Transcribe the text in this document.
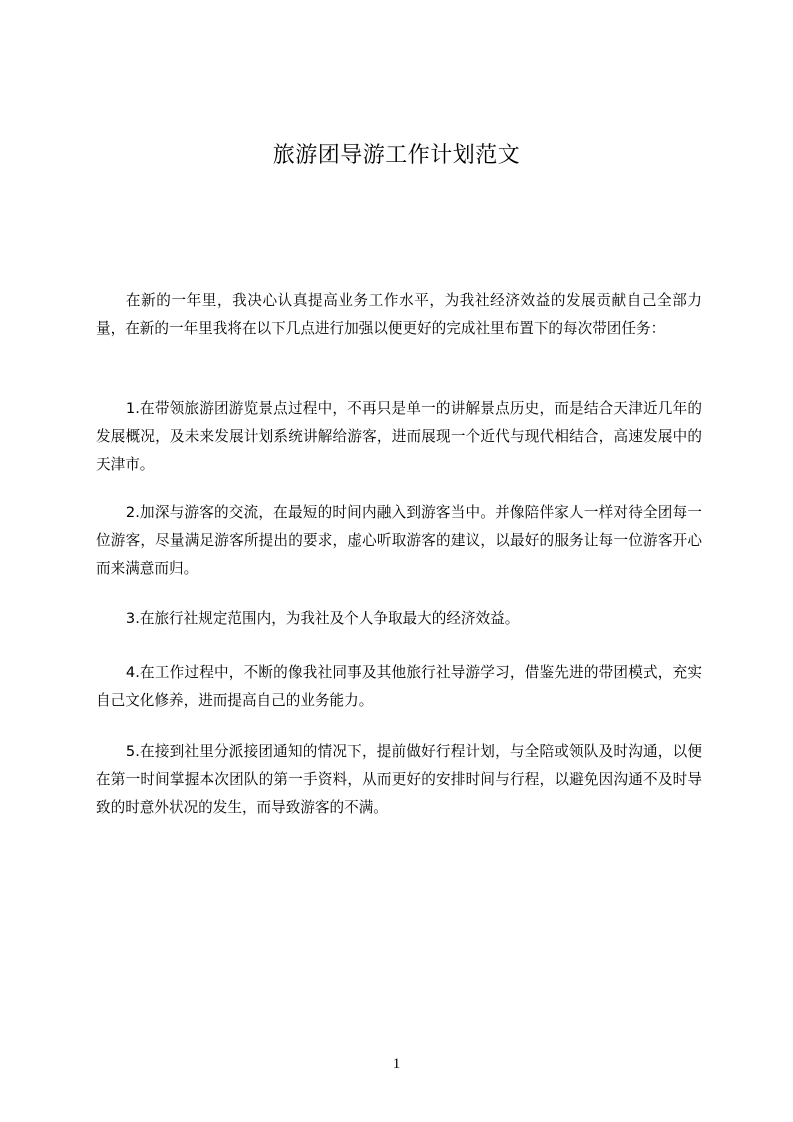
旅游团导游工作计划范文

在新的一年里，我决心认真提高业务工作水平，为我社经济效益的发展贡献自己全部力量，在新的一年里我将在以下几点进行加强以便更好的完成社里布置下的每次带团任务：

1.在带领旅游团游览景点过程中，不再只是单一的讲解景点历史，而是结合天津近几年的发展概况，及未来发展计划系统讲解给游客，进而展现一个近代与现代相结合，高速发展中的天津市。

2.加深与游客的交流，在最短的时间内融入到游客当中。并像陪伴家人一样对待全团每一位游客，尽量满足游客所提出的要求，虚心听取游客的建议，以最好的服务让每一位游客开心而来满意而归。

3.在旅行社规定范围内，为我社及个人争取最大的经济效益。

4.在工作过程中，不断的像我社同事及其他旅行社导游学习，借鉴先进的带团模式，充实自己文化修养，进而提高自己的业务能力。

5.在接到社里分派接团通知的情况下，提前做好行程计划，与全陪或领队及时沟通，以便在第一时间掌握本次团队的第一手资料，从而更好的安排时间与行程，以避免因沟通不及时导致的时意外状况的发生，而导致游客的不满。

1
